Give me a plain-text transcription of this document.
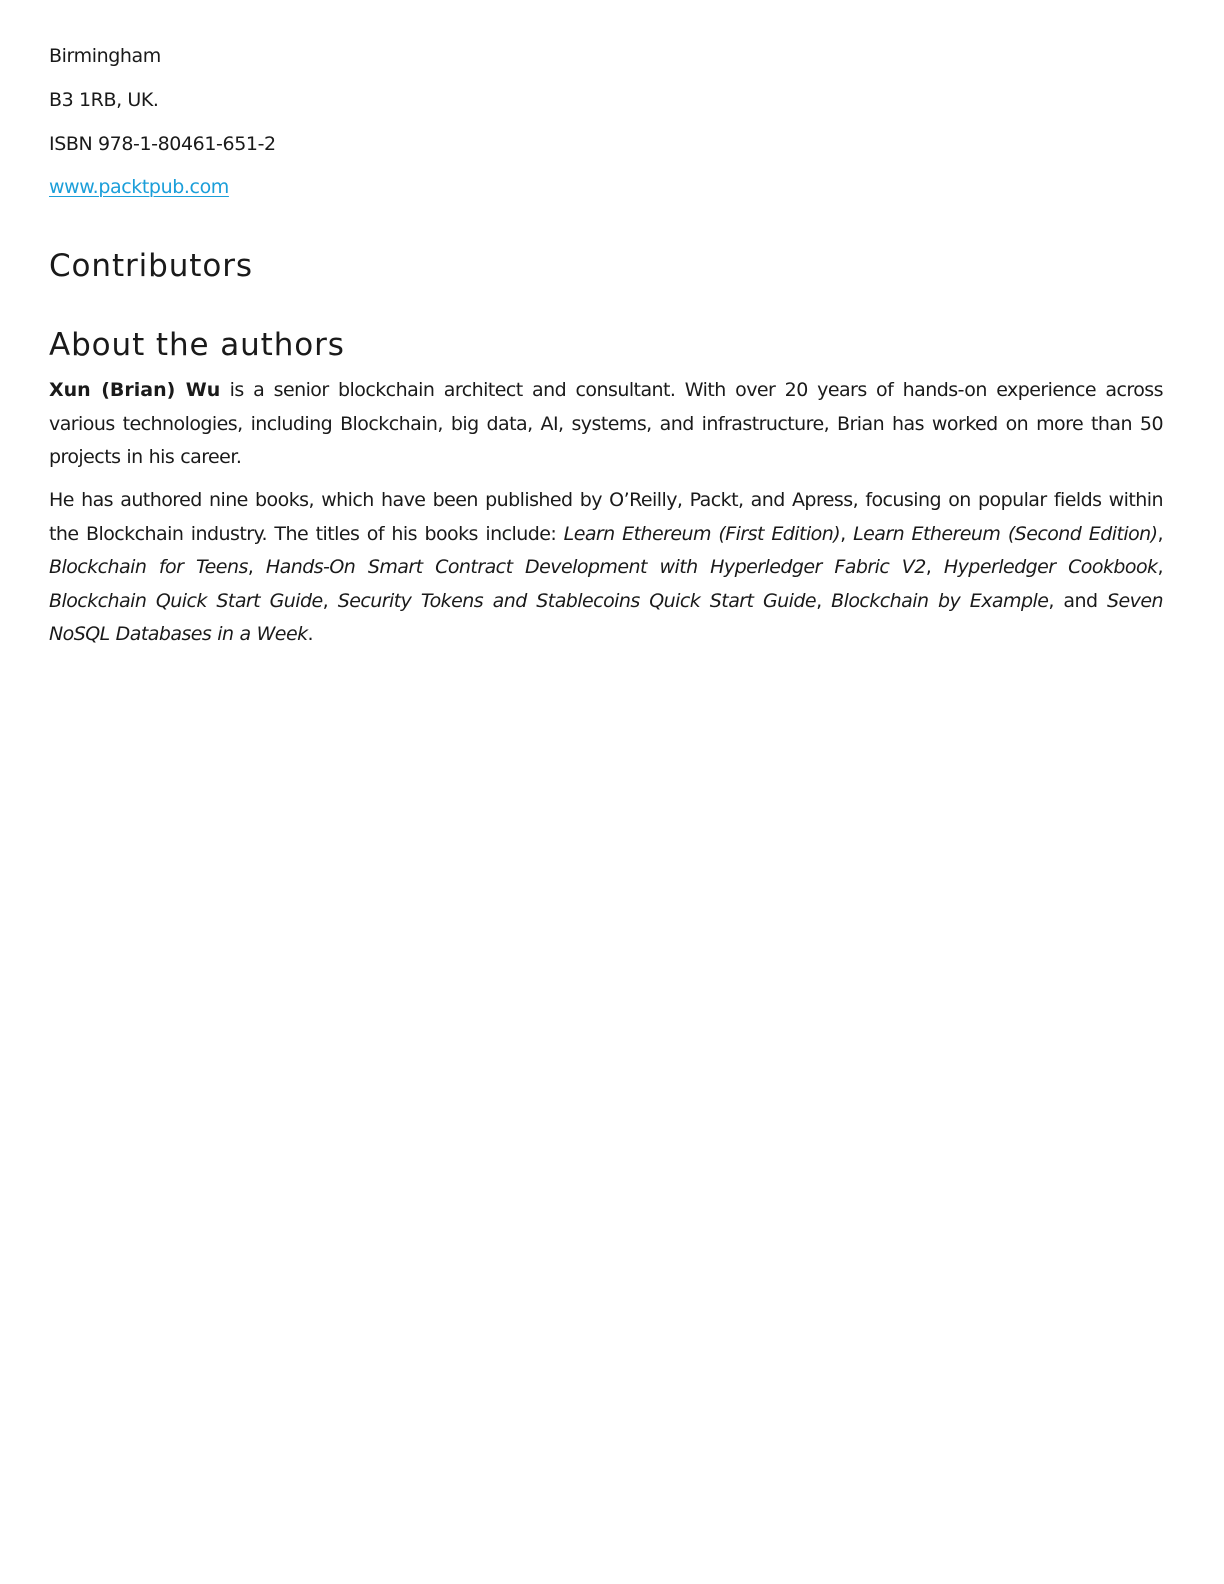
Birmingham

B3 1RB, UK.

ISBN 978-1-80461-651-2

www.packtpub.com

Contributors
About the authors

Xun (Brian) Wu is a senior blockchain architect and consultant. With over 20 years of hands-on experience across various technologies, including Blockchain, big data, AI, systems, and infrastructure, Brian has worked on more than 50 projects in his career.

He has authored nine books, which have been published by O’Reilly, Packt, and Apress, focusing on popular fields within the Blockchain industry. The titles of his books include: Learn Ethereum (First Edition), Learn Ethereum (Second Edition), Blockchain for Teens, Hands-On Smart Contract Development with Hyperledger Fabric V2, Hyperledger Cookbook, Blockchain Quick Start Guide, Security Tokens and Stablecoins Quick Start Guide, Blockchain by Example, and Seven NoSQL Databases in a Week.
